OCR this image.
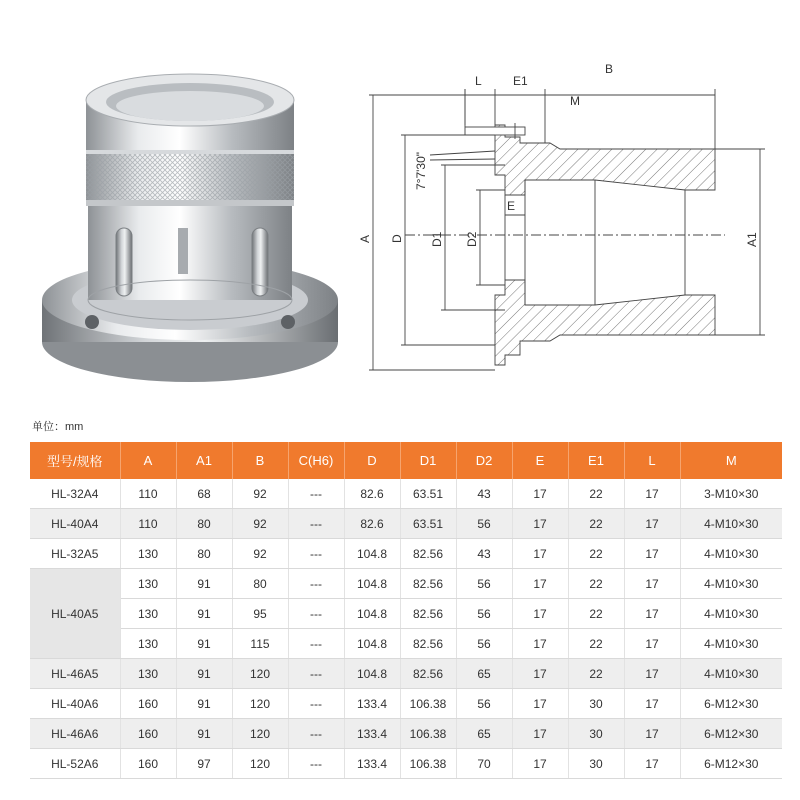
L	E1
B
M
7°7'30"
A D D1 D2
E
A1
单位：mm
型号/规格	A	A1	B	C(H6)	D	D1	D2	E	E1	L	M
HL-32A4	110	68	92	---	82.6	63.51	43	17	22	17	3-M10×30
HL-40A4	110	80	92	---	82.6	63.51	56	17	22	17	4-M10×30
HL-32A5	130	80	92	---	104.8	82.56	43	17	22	17	4-M10×30
HL-40A5	130	91	80	---	104.8	82.56	56	17	22	17	4-M10×30
	130	91	95	---	104.8	82.56	56	17	22	17	4-M10×30
	130	91	115	---	104.8	82.56	56	17	22	17	4-M10×30
HL-46A5	130	91	120	---	104.8	82.56	65	17	22	17	4-M10×30
HL-40A6	160	91	120	---	133.4	106.38	56	17	30	17	6-M12×30
HL-46A6	160	91	120	---	133.4	106.38	65	17	30	17	6-M12×30
HL-52A6	160	97	120	---	133.4	106.38	70	17	30	17	6-M12×30
